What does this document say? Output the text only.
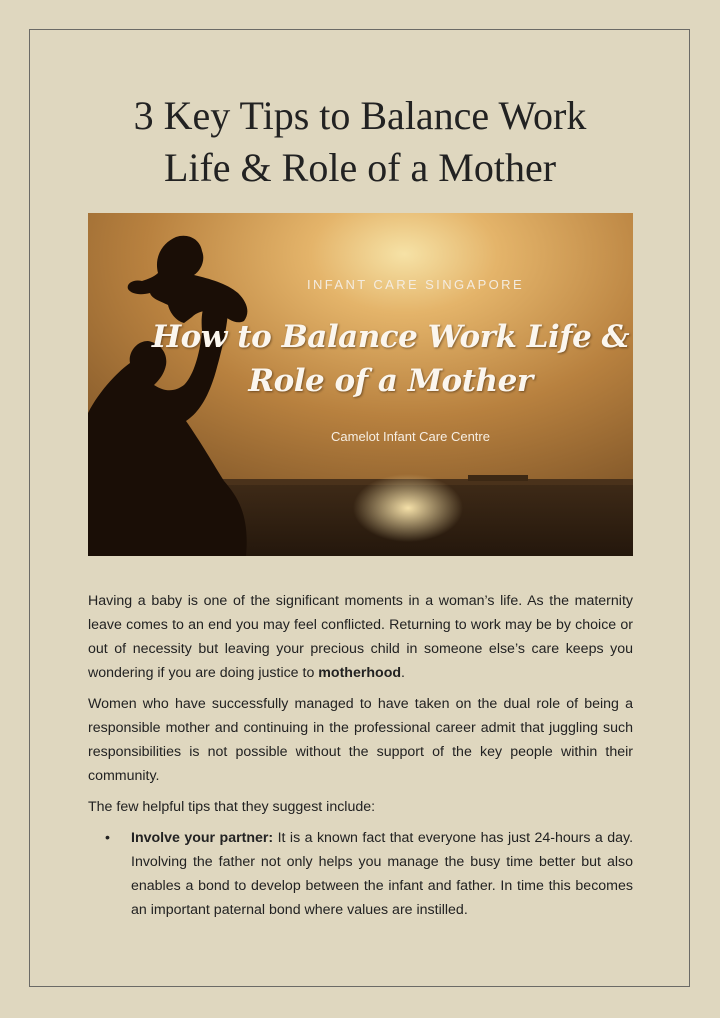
3 Key Tips to Balance Work
Life & Role of a Mother
INFANT CARE SINGAPORE
How to Balance Work Life &
Role of a Mother
Camelot Infant Care Centre

Having a baby is one of the significant moments in a woman’s life. As the maternity leave comes to an end you may feel conflicted. Returning to work may be by choice or out of necessity but leaving your precious child in someone else’s care keeps you wondering if you are doing justice to motherhood.

Women who have successfully managed to have taken on the dual role of being a responsible mother and continuing in the professional career admit that juggling such responsibilities is not possible without the support of the key people within their community.

The few helpful tips that they suggest include:

• Involve your partner: It is a known fact that everyone has just 24-hours a day. Involving the father not only helps you manage the busy time better but also enables a bond to develop between the infant and father. In time this becomes an important paternal bond where values are instilled.
